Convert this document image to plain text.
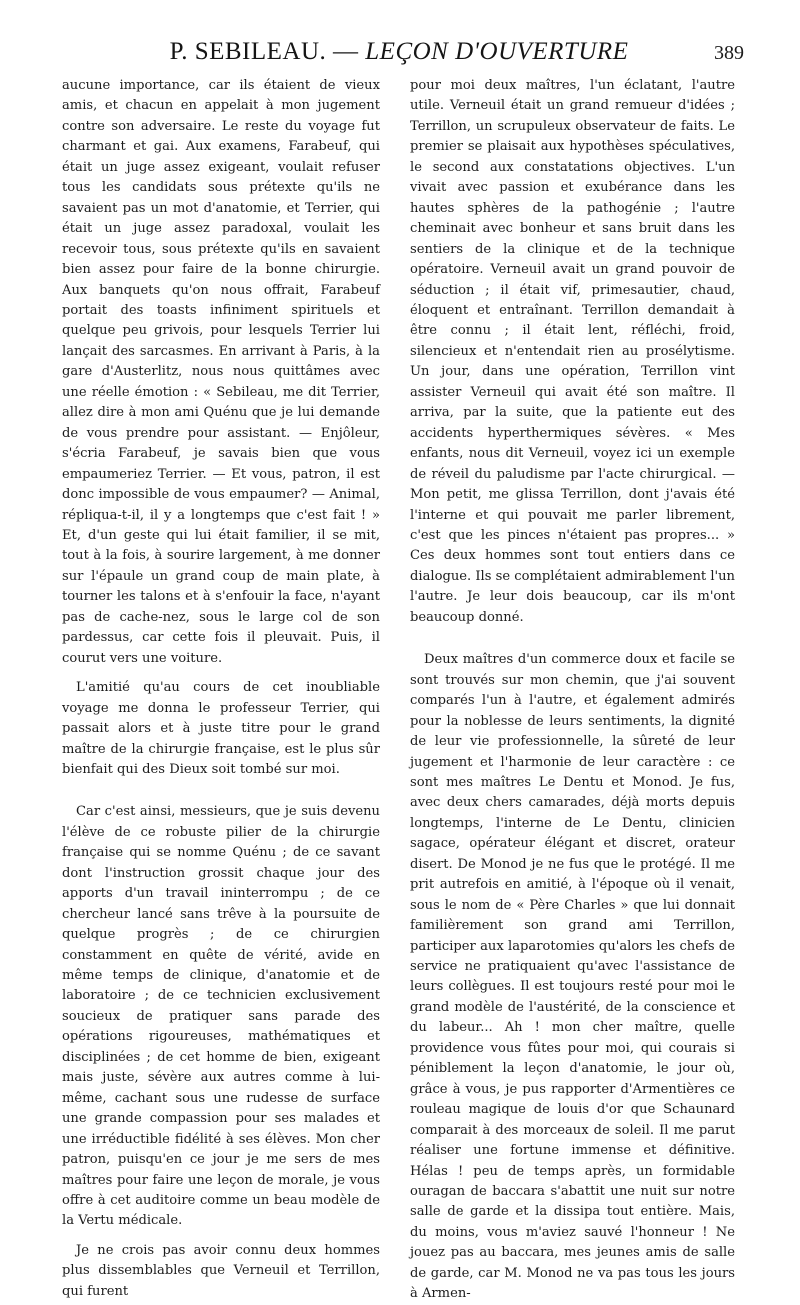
P. SEBILEAU. — LEÇON D'OUVERTURE	389

aucune importance, car ils étaient de vieux amis, et chacun en appelait à mon jugement contre son adversaire. Le reste du voyage fut charmant et gai. Aux examens, Farabeuf, qui était un juge assez exigeant, voulait refuser tous les candidats sous prétexte qu'ils ne savaient pas un mot d'anatomie, et Terrier, qui était un juge assez paradoxal, voulait les recevoir tous, sous prétexte qu'ils en savaient bien assez pour faire de la bonne chirurgie. Aux banquets qu'on nous offrait, Farabeuf portait des toasts infiniment spirituels et quelque peu grivois, pour lesquels Terrier lui lançait des sarcasmes. En arrivant à Paris, à la gare d'Austerlitz, nous nous quittâmes avec une réelle émotion : « Sebileau, me dit Terrier, allez dire à mon ami Quénu que je lui demande de vous prendre pour assistant. — Enjôleur, s'écria Farabeuf, je savais bien que vous empaumeriez Terrier. — Et vous, patron, il est donc impossible de vous empaumer? — Animal, répliqua-t-il, il y a longtemps que c'est fait ! » Et, d'un geste qui lui était familier, il se mit, tout à la fois, à sourire largement, à me donner sur l'épaule un grand coup de main plate, à tourner les talons et à s'enfouir la face, n'ayant pas de cache-nez, sous le large col de son pardessus, car cette fois il pleuvait. Puis, il courut vers une voiture.

L'amitié qu'au cours de cet inoubliable voyage me donna le professeur Terrier, qui passait alors et à juste titre pour le grand maître de la chirurgie française, est le plus sûr bienfait qui des Dieux soit tombé sur moi.

Car c'est ainsi, messieurs, que je suis devenu l'élève de ce robuste pilier de la chirurgie française qui se nomme Quénu ; de ce savant dont l'instruction grossit chaque jour des apports d'un travail ininterrompu ; de ce chercheur lancé sans trêve à la poursuite de quelque progrès ; de ce chirurgien constamment en quête de vérité, avide en même temps de clinique, d'anatomie et de laboratoire ; de ce technicien exclusivement soucieux de pratiquer sans parade des opérations rigoureuses, mathématiques et disciplinées ; de cet homme de bien, exigeant mais juste, sévère aux autres comme à lui-même, cachant sous une rudesse de surface une grande compassion pour ses malades et une irréductible fidélité à ses élèves. Mon cher patron, puisqu'en ce jour je me sers de mes maîtres pour faire une leçon de morale, je vous offre à cet auditoire comme un beau modèle de la Vertu médicale.

Je ne crois pas avoir connu deux hommes plus dissemblables que Verneuil et Terrillon, qui furent

pour moi deux maîtres, l'un éclatant, l'autre utile. Verneuil était un grand remueur d'idées ; Terrillon, un scrupuleux observateur de faits. Le premier se plaisait aux hypothèses spéculatives, le second aux constatations objectives. L'un vivait avec passion et exubérance dans les hautes sphères de la pathogénie ; l'autre cheminait avec bonheur et sans bruit dans les sentiers de la clinique et de la technique opératoire. Verneuil avait un grand pouvoir de séduction ; il était vif, primesautier, chaud, éloquent et entraînant. Terrillon demandait à être connu ; il était lent, réfléchi, froid, silencieux et n'entendait rien au prosélytisme. Un jour, dans une opération, Terrillon vint assister Verneuil qui avait été son maître. Il arriva, par la suite, que la patiente eut des accidents hyperthermiques sévères. « Mes enfants, nous dit Verneuil, voyez ici un exemple de réveil du paludisme par l'acte chirurgical. — Mon petit, me glissa Terrillon, dont j'avais été l'interne et qui pouvait me parler librement, c'est que les pinces n'étaient pas propres... » Ces deux hommes sont tout entiers dans ce dialogue. Ils se complétaient admirablement l'un l'autre. Je leur dois beaucoup, car ils m'ont beaucoup donné.

Deux maîtres d'un commerce doux et facile se sont trouvés sur mon chemin, que j'ai souvent comparés l'un à l'autre, et également admirés pour la noblesse de leurs sentiments, la dignité de leur vie professionnelle, la sûreté de leur jugement et l'harmonie de leur caractère : ce sont mes maîtres Le Dentu et Monod. Je fus, avec deux chers camarades, déjà morts depuis longtemps, l'interne de Le Dentu, clinicien sagace, opérateur élégant et discret, orateur disert. De Monod je ne fus que le protégé. Il me prit autrefois en amitié, à l'époque où il venait, sous le nom de « Père Charles » que lui donnait familièrement son grand ami Terrillon, participer aux laparotomies qu'alors les chefs de service ne pratiquaient qu'avec l'assistance de leurs collègues. Il est toujours resté pour moi le grand modèle de l'austérité, de la conscience et du labeur... Ah ! mon cher maître, quelle providence vous fûtes pour moi, qui courais si péniblement la leçon d'anatomie, le jour où, grâce à vous, je pus rapporter d'Armentières ce rouleau magique de louis d'or que Schaunard comparait à des morceaux de soleil. Il me parut réaliser une fortune immense et définitive. Hélas ! peu de temps après, un formidable ouragan de baccara s'abattit une nuit sur notre salle de garde et la dissipa tout entière. Mais, du moins, vous m'aviez sauvé l'honneur ! Ne jouez pas au baccara, mes jeunes amis de salle de garde, car M. Monod ne va pas tous les jours à Armen-
